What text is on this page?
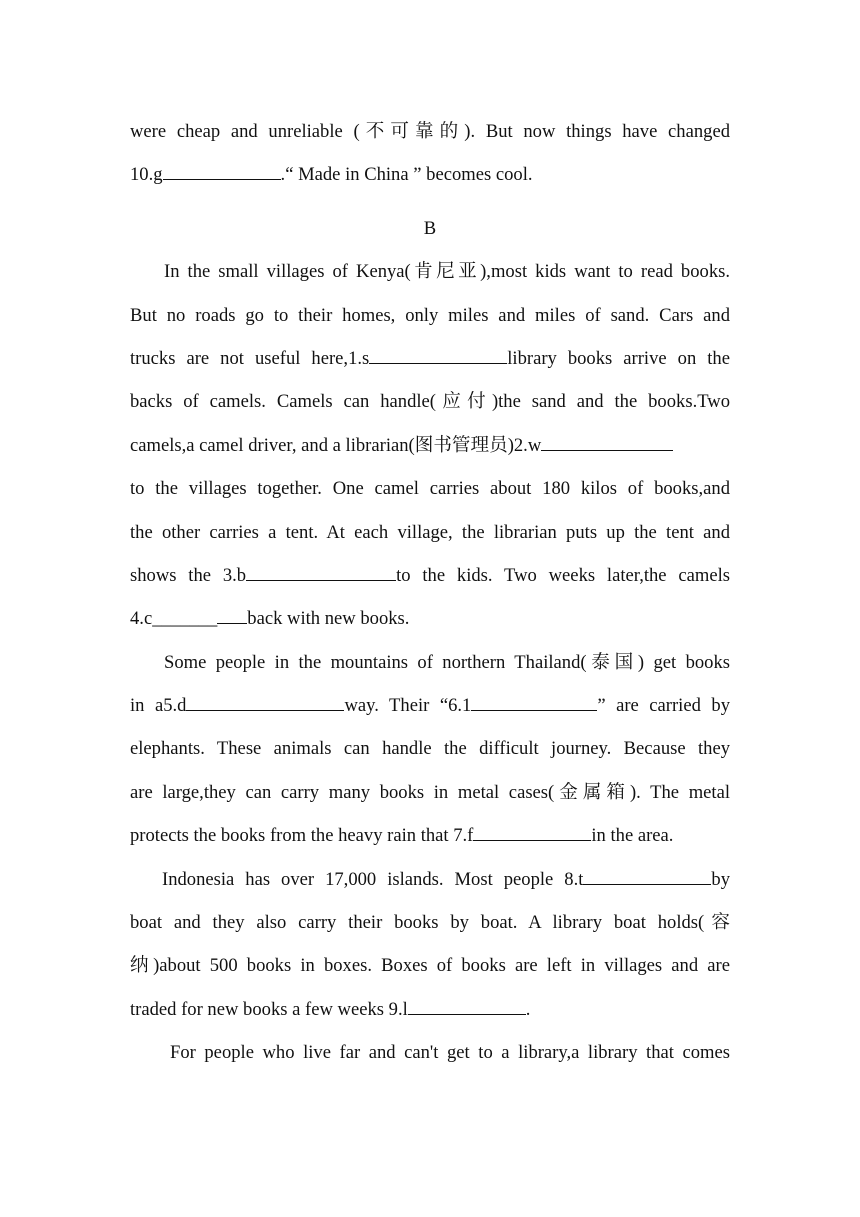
were cheap and unreliable (不可靠的). But now things have changed
10.g	.“ Made in China ” becomes cool.
B
In the small villages of Kenya(肯尼亚),most kids want to read books.
But no roads go to their homes, only miles and miles of sand. Cars and
trucks are not useful here,1.s	library books arrive on the
backs of camels. Camels can handle(应付)the sand and the books.Two
camels,a camel driver, and a librarian(图书管理员)2.w
to the villages together. One camel carries about 180 kilos of books,and
the other carries a tent. At each village, the librarian puts up the tent and
shows the 3.b	to the kids. Two weeks later,the camels
4.c_______ back with new books.
Some people in the mountains of northern Thailand(泰国) get books
in a5.d	way. Their “6.1	” are carried by
elephants. These animals can handle the difficult journey. Because they
are large,they can carry many books in metal cases(金属箱). The metal
protects the books from the heavy rain that 7.f	in the area.
Indonesia has over 17,000 islands. Most people 8.t	by
boat and they also carry their books by boat. A library boat holds(容
纳)about 500 books in boxes. Boxes of books are left in villages and are
traded for new books a few weeks 9.l	.
For people who live far and can't get to a library,a library that comes
